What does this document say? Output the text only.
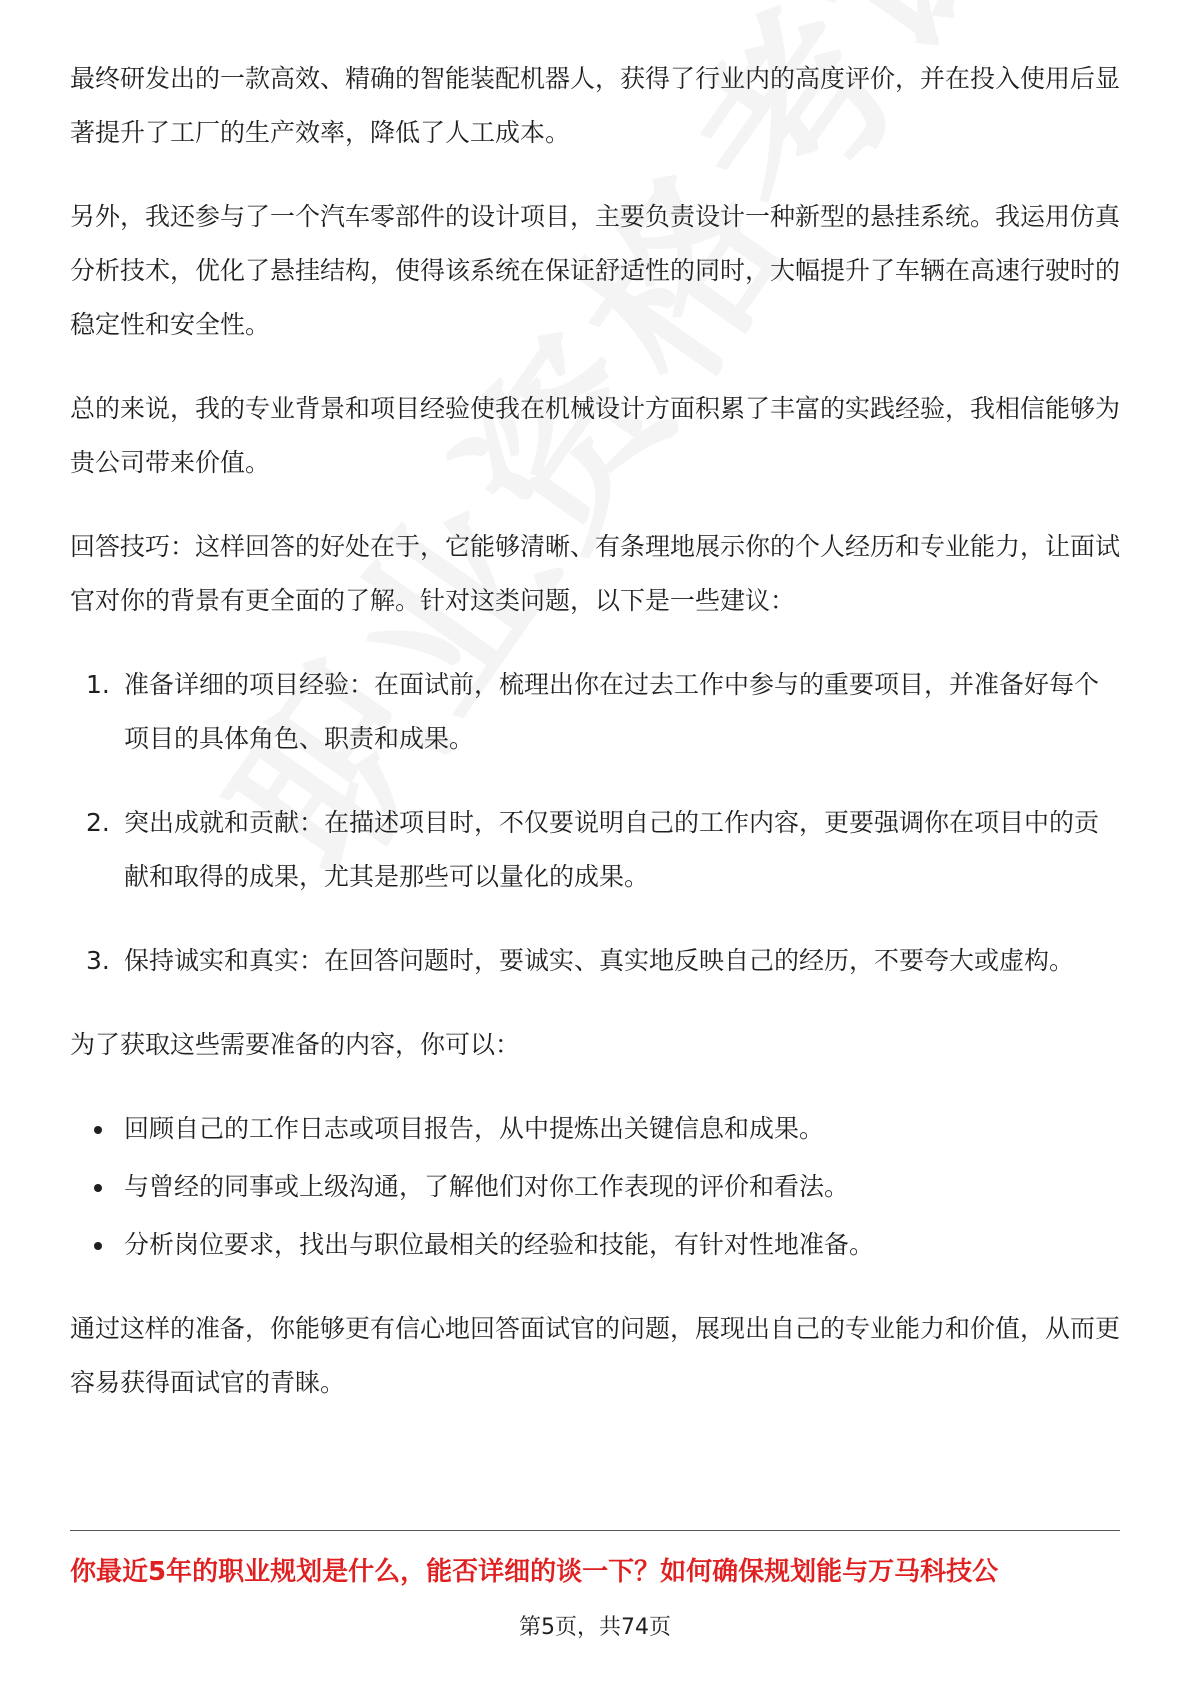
最终研发出的一款高效、精确的智能装配机器人，获得了行业内的高度评价，并在投入使用后显著提升了工厂的生产效率，降低了人工成本。

另外，我还参与了一个汽车零部件的设计项目，主要负责设计一种新型的悬挂系统。我运用仿真分析技术，优化了悬挂结构，使得该系统在保证舒适性的同时，大幅提升了车辆在高速行驶时的稳定性和安全性。

总的来说，我的专业背景和项目经验使我在机械设计方面积累了丰富的实践经验，我相信能够为贵公司带来价值。

回答技巧：这样回答的好处在于，它能够清晰、有条理地展示你的个人经历和专业能力，让面试官对你的背景有更全面的了解。针对这类问题，以下是一些建议：

1. 准备详细的项目经验：在面试前，梳理出你在过去工作中参与的重要项目，并准备好每个项目的具体角色、职责和成果。
2. 突出成就和贡献：在描述项目时，不仅要说明自己的工作内容，更要强调你在项目中的贡献和取得的成果，尤其是那些可以量化的成果。
3. 保持诚实和真实：在回答问题时，要诚实、真实地反映自己的经历，不要夸大或虚构。

为了获取这些需要准备的内容，你可以：

回顾自己的工作日志或项目报告，从中提炼出关键信息和成果。
与曾经的同事或上级沟通，了解他们对你工作表现的评价和看法。
分析岗位要求，找出与职位最相关的经验和技能，有针对性地准备。

通过这样的准备，你能够更有信心地回答面试官的问题，展现出自己的专业能力和价值，从而更容易获得面试官的青睐。

你最近5年的职业规划是什么，能否详细的谈一下？如何确保规划能与万马科技公
第5页，共74页
